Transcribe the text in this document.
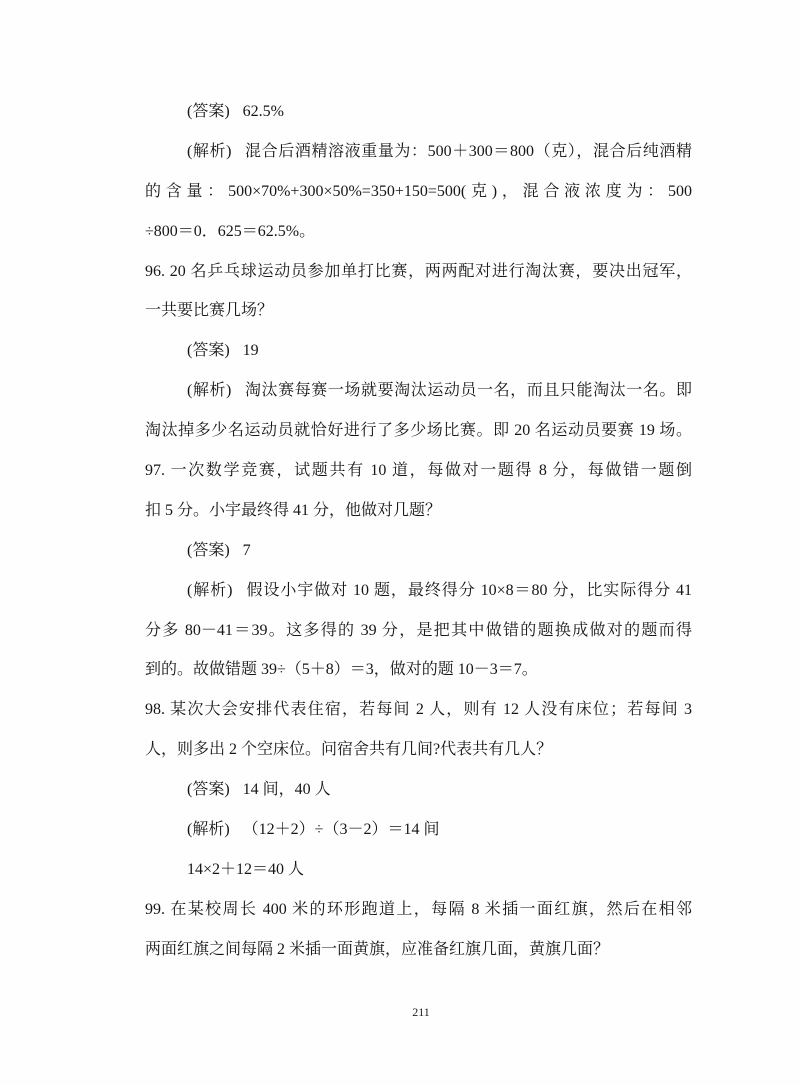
(答案) 62.5%
(解析) 混合后酒精溶液重量为：500＋300＝800（克），混合后纯酒精
的含量：500×70%+300×50%=350+150=500(克)，混合液浓度为：500
÷800＝0．625＝62.5%。
96. 20 名乒乓球运动员参加单打比赛，两两配对进行淘汰赛，要决出冠军，
一共要比赛几场？
(答案) 19
(解析) 淘汰赛每赛一场就要淘汰运动员一名，而且只能淘汰一名。即
淘汰掉多少名运动员就恰好进行了多少场比赛。即 20 名运动员要赛 19 场。
97. 一次数学竞赛，试题共有 10 道，每做对一题得 8 分，每做错一题倒
扣 5 分。小宇最终得 41 分，他做对几题？
(答案) 7
(解析) 假设小宇做对 10 题，最终得分 10×8＝80 分，比实际得分 41
分多 80－41＝39。这多得的 39 分，是把其中做错的题换成做对的题而得
到的。故做错题 39÷（5＋8）＝3，做对的题 10－3＝7。
98. 某次大会安排代表住宿，若每间 2 人，则有 12 人没有床位；若每间 3
人，则多出 2 个空床位。问宿舍共有几间?代表共有几人？
(答案) 14 间，40 人
(解析) （12＋2）÷（3－2）＝14 间
14×2＋12＝40 人
99. 在某校周长 400 米的环形跑道上，每隔 8 米插一面红旗，然后在相邻
两面红旗之间每隔 2 米插一面黄旗，应准备红旗几面，黄旗几面？
211
